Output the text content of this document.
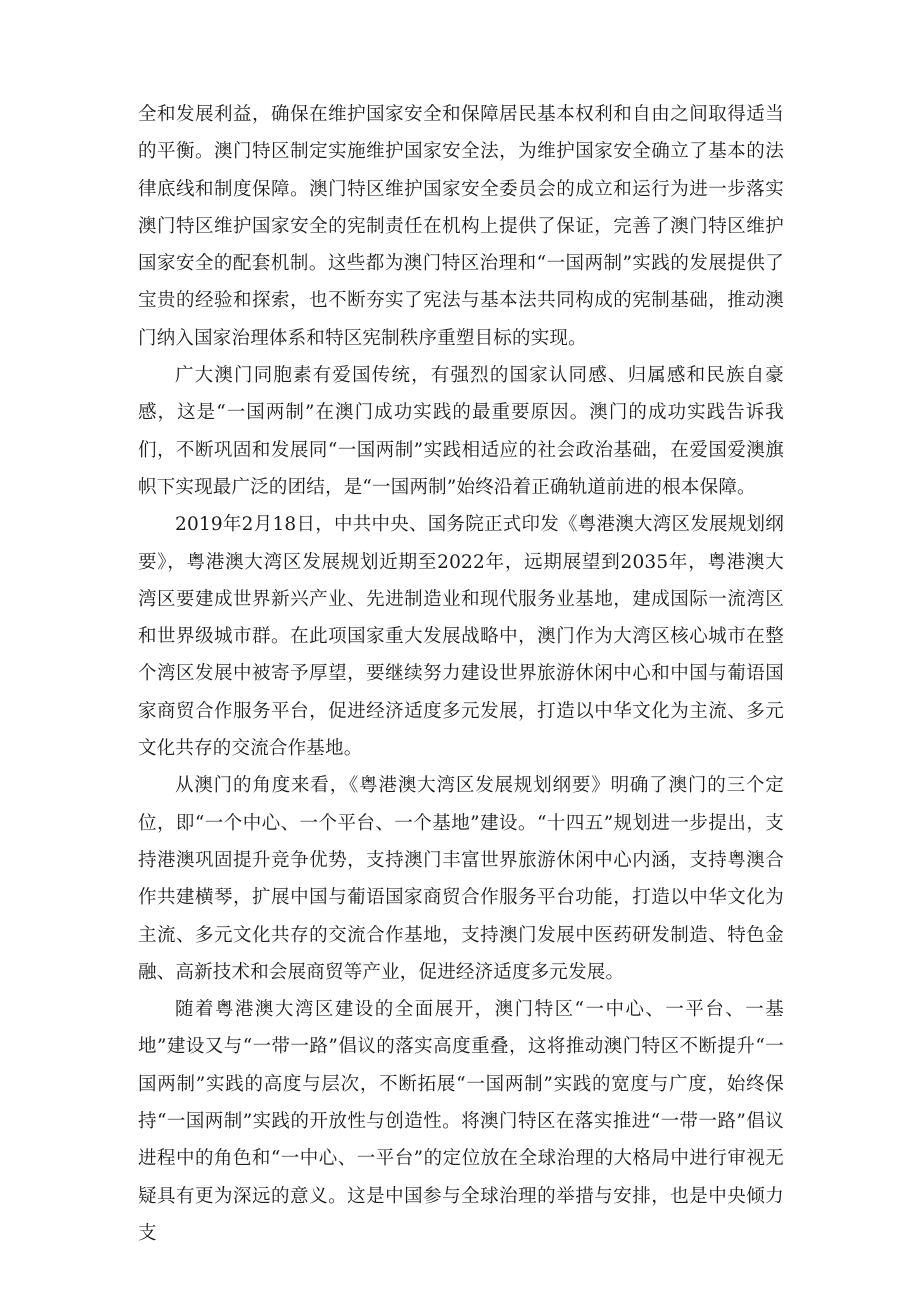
全和发展利益，确保在维护国家安全和保障居民基本权利和自由之间取得适当的平衡。澳门特区制定实施维护国家安全法，为维护国家安全确立了基本的法律底线和制度保障。澳门特区维护国家安全委员会的成立和运行为进一步落实澳门特区维护国家安全的宪制责任在机构上提供了保证，完善了澳门特区维护国家安全的配套机制。这些都为澳门特区治理和“一国两制”实践的发展提供了宝贵的经验和探索，也不断夯实了宪法与基本法共同构成的宪制基础，推动澳门纳入国家治理体系和特区宪制秩序重塑目标的实现。

广大澳门同胞素有爱国传统，有强烈的国家认同感、归属感和民族自豪感，这是“一国两制”在澳门成功实践的最重要原因。澳门的成功实践告诉我们，不断巩固和发展同“一国两制”实践相适应的社会政治基础，在爱国爱澳旗帜下实现最广泛的团结，是“一国两制”始终沿着正确轨道前进的根本保障。

2019年2月18日，中共中央、国务院正式印发《粤港澳大湾区发展规划纲要》，粤港澳大湾区发展规划近期至2022年，远期展望到2035年，粤港澳大湾区要建成世界新兴产业、先进制造业和现代服务业基地，建成国际一流湾区和世界级城市群。在此项国家重大发展战略中，澳门作为大湾区核心城市在整个湾区发展中被寄予厚望，要继续努力建设世界旅游休闲中心和中国与葡语国家商贸合作服务平台，促进经济适度多元发展，打造以中华文化为主流、多元文化共存的交流合作基地。

从澳门的角度来看，《粤港澳大湾区发展规划纲要》明确了澳门的三个定位，即“一个中心、一个平台、一个基地”建设。“十四五”规划进一步提出，支持港澳巩固提升竞争优势，支持澳门丰富世界旅游休闲中心内涵，支持粤澳合作共建横琴，扩展中国与葡语国家商贸合作服务平台功能，打造以中华文化为主流、多元文化共存的交流合作基地，支持澳门发展中医药研发制造、特色金融、高新技术和会展商贸等产业，促进经济适度多元发展。

随着粤港澳大湾区建设的全面展开，澳门特区“一中心、一平台、一基地”建设又与“一带一路”倡议的落实高度重叠，这将推动澳门特区不断提升“一国两制”实践的高度与层次，不断拓展“一国两制”实践的宽度与广度，始终保持“一国两制”实践的开放性与创造性。将澳门特区在落实推进“一带一路”倡议进程中的角色和“一中心、一平台”的定位放在全球治理的大格局中进行审视无疑具有更为深远的意义。这是中国参与全球治理的举措与安排，也是中央倾力支
